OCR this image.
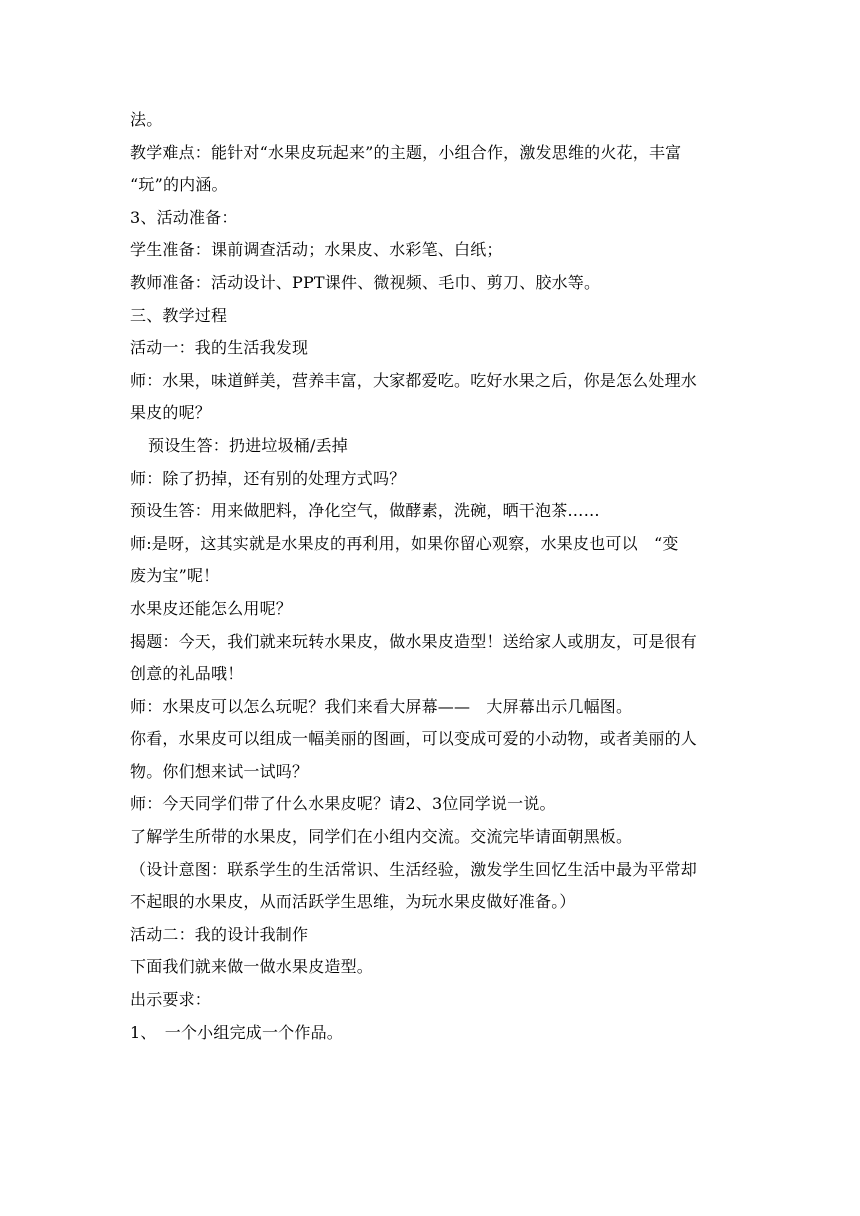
法。
教学难点：能针对“水果皮玩起来”的主题，小组合作，激发思维的火花，丰富
“玩”的内涵。
3、活动准备：
学生准备：课前调查活动；水果皮、水彩笔、白纸；
教师准备：活动设计、PPT课件、微视频、毛巾、剪刀、胶水等。
三、教学过程
活动一：我的生活我发现
师：水果，味道鲜美，营养丰富，大家都爱吃。吃好水果之后，你是怎么处理水
果皮的呢？
预设生答：扔进垃圾桶/丢掉
师：除了扔掉，还有别的处理方式吗？
预设生答：用来做肥料，净化空气，做酵素，洗碗，晒干泡茶……
师:是呀，这其实就是水果皮的再利用，如果你留心观察，水果皮也可以　“变
废为宝”呢！
水果皮还能怎么用呢？
揭题：今天，我们就来玩转水果皮，做水果皮造型！送给家人或朋友，可是很有
创意的礼品哦！
师：水果皮可以怎么玩呢？我们来看大屏幕——　大屏幕出示几幅图。
你看，水果皮可以组成一幅美丽的图画，可以变成可爱的小动物，或者美丽的人
物。你们想来试一试吗？
师：今天同学们带了什么水果皮呢？请2、3位同学说一说。
了解学生所带的水果皮，同学们在小组内交流。交流完毕请面朝黑板。
（设计意图：联系学生的生活常识、生活经验，激发学生回忆生活中最为平常却
不起眼的水果皮，从而活跃学生思维，为玩水果皮做好准备。）
活动二：我的设计我制作
下面我们就来做一做水果皮造型。
出示要求：
1、　一个小组完成一个作品。
